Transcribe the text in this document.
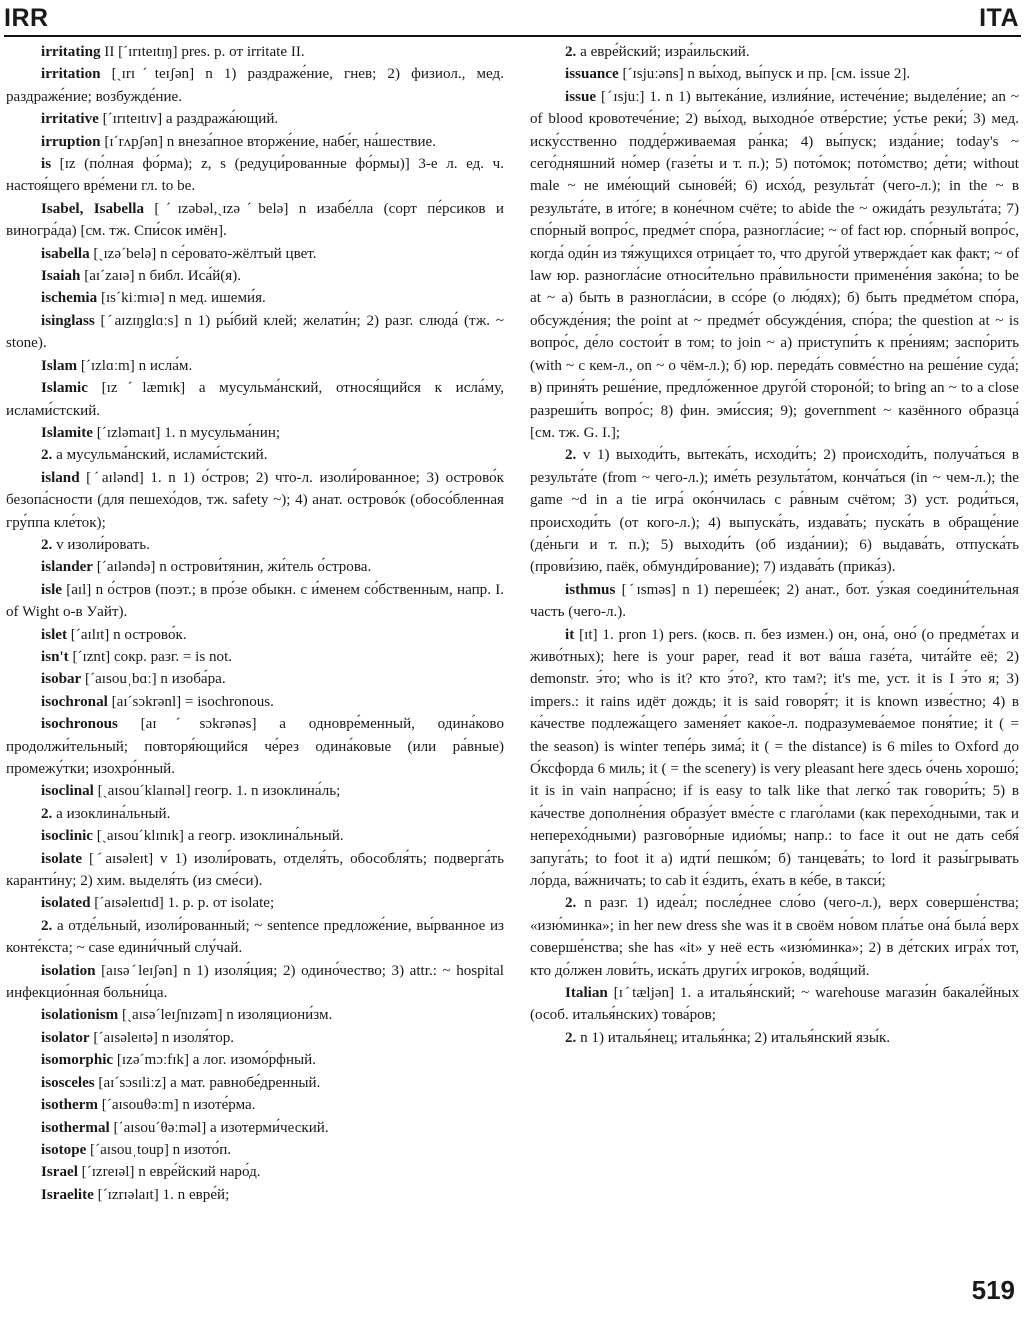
IRR	ITA

irritating II [ˊɪrɪteɪtɪŋ] pres. p. от irritate II.

irritation [ˏɪrɪˊteɪʃən] n 1) раздраже́ние, гнев; 2) физиол., мед. раздраже́ние; возбужде́ние.

irritative [ˊɪrɪteɪtɪv] a раздража́ющий.

irruption [ɪˊrʌpʃən] n внеза́пное вторже́ние, набе́г, на́шествие.

is [ɪz (по́лная фо́рма); z, s (редуци́рованные фо́рмы)] 3-е л. ед. ч. настоя́щего вре́мени гл. to be.

Isabel, Isabella [ˊɪzəbəl,ˏɪzəˊbelə] n изабе́лла (сорт пе́рсиков и виногра́да) [см. тж. Спи́сок имён].

isabella [ˏɪzəˊbelə] n се́ровато-жёлтый цвет.

Isaiah [aɪˊzaɪə] n библ. Иса́й(я).

ischemia [ɪsˊkiːmɪə] n мед. ишеми́я.

isinglass [ˊaɪzɪŋglɑːs] n 1) ры́бий клей; желати́н; 2) разг. слюда́ (тж. ~ stone).

Islam [ˊɪzlɑːm] n исла́м.

Islamic [ɪzˊlæmɪk] a мусульма́нский, относя́щийся к исла́му, ислами́стский.

Islamite [ˊɪzləmaɪt] 1. n мусульма́нин;

2. a мусульма́нский, ислами́стский.

island [ˊaɪlənd] 1. n 1) о́стров; 2) что-л. изоли́рованное; 3) острово́к безопа́сности (для пешехо́дов, тж. safety ~); 4) анат. острово́к (обосо́бленная гру́ппа кле́ток);

2. v изоли́ровать.

islander [ˊaɪləndə] n острови́тянин, жи́тель о́строва.

isle [aɪl] n о́стров (поэт.; в про́зе обыкн. с и́менем со́бственным, напр. I. of Wight о-в Уайт).

islet [ˊaɪlɪt] n острово́к.

isn't [ˊɪznt] сокр. разг. = is not.

isobar [ˊaɪsouˌbɑː] n изоба́ра.

isochronal [aɪˊsɔkrənl] = isochronous.

isochronous [aɪˊsɔkrənəs] a одновре́менный, одина́ково продолжи́тельный; повторя́ющийся че́рез одина́ковые (или ра́вные) промежу́тки; изохро́нный.

isoclinal [ˏaɪsouˊklaɪnəl] геогр. 1. n изоклина́ль;

2. a изоклина́льный.

isoclinic [ˏaɪsouˊklɪnɪk] a геогр. изоклина́льный.

isolate [ˊaɪsəleɪt] v 1) изоли́ровать, отделя́ть, обособля́ть; подверга́ть каранти́ну; 2) хим. выделя́ть (из сме́си).

isolated [ˊaɪsəleɪtɪd] 1. p. p. от isolate;

2. a отде́льный, изоли́рованный; ~ sentence предложе́ние, вы́рванное из конте́кста; ~ case едини́чный слу́чай.

isolation [aɪsəˊleɪʃən] n 1) изоля́ция; 2) одино́чество; 3) attr.: ~ hospital инфекцио́нная больни́ца.

isolationism [ˏaɪsəˊleɪʃnɪzəm] n изоляциони́зм.

isolator [ˊaɪsəleɪtə] n изоля́тор.

isomorphic [ɪzəˊmɔːfɪk] a лог. изомо́рфный.

isosceles [aɪˊsɔsɪliːz] a мат. равнобе́дренный.

isotherm [ˊaɪsouθəːm] n изоте́рма.

isothermal [ˊaɪsouˊθəːməl] a изотерми́ческий.

isotope [ˊaɪsouˌtoup] n изото́п.

Israel [ˊɪzreɪəl] n евре́йский наро́д.

Israelite [ˊɪzrɪəlaɪt] 1. n евре́й;

2. a евре́йский; изра́ильский.

issuance [ˊɪsjuːəns] n вы́ход, вы́пуск и пр. [см. issue 2].

issue [ˊɪsjuː] 1. n 1) вытека́ние, излия́ние, истече́ние; выделе́ние; an ~ of blood кровотече́ние; 2) вы́ход, выходно́е отве́рстие; у́стье реки́; 3) мед. иску́сственно подде́рживаемая ра́нка; 4) вы́пуск; изда́ние; today's ~ сего́дняшний но́мер (газе́ты и т. п.); 5) пото́мок; пото́мство; де́ти; without male ~ не име́ющий сынове́й; 6) исхо́д, результа́т (чего-л.); in the ~ в результа́те, в ито́ге; в коне́чном счёте; to abide the ~ ожида́ть результа́та; 7) спо́рный вопро́с, предме́т спо́ра, разногла́сие; ~ of fact юр. спо́рный вопро́с, когда́ оди́н из тя́жущихся отрица́ет то, что друго́й утвержда́ет как факт; ~ of law юр. разногла́сие относи́тельно пра́вильности примене́ния зако́на; to be at ~ а) быть в разногла́сии, в ссо́ре (о лю́дях); б) быть предме́том спо́ра, обсужде́ния; the point at ~ предме́т обсужде́ния, спо́ра; the question at ~ is вопро́с, де́ло состои́т в том; to join ~ а) приступи́ть к пре́ниям; заспо́рить (with ~ с кем-л., on ~ о чём-л.); б) юр. переда́ть совме́стно на реше́ние суда́; в) приня́ть реше́ние, предло́женное друго́й стороно́й; to bring an ~ to a close разреши́ть вопро́с; 8) фин. эми́ссия; 9); government ~ казённого образца́ [см. тж. G. I.];

2. v 1) выходи́ть, вытека́ть, исходи́ть; 2) происходи́ть, получа́ться в результа́те (from ~ чего-л.); име́ть результа́том, конча́ться (in ~ чем-л.); the game ~d in a tie игра́ око́нчилась с ра́вным счётом; 3) уст. роди́ться, происходи́ть (от кого-л.); 4) выпуска́ть, издава́ть; пуска́ть в обраще́ние (де́ньги и т. п.); 5) выходи́ть (об изда́нии); 6) выдава́ть, отпуска́ть (прови́зию, паёк, обмунди́рование); 7) издава́ть (прика́з).

isthmus [ˊɪsməs] n 1) переше́ек; 2) анат., бот. у́зкая соедини́тельная часть (чего-л.).

it [ɪt] 1. pron 1) pers. (косв. п. без измен.) он, она́, оно́ (о предме́тах и живо́тных); here is your paper, read it вот ва́ша газе́та, чита́йте её; 2) demonstr. э́то; who is it? кто э́то?, кто там?; it's me, уст. it is I э́то я; 3) impers.: it rains идёт дождь; it is said говоря́т; it is known изве́стно; 4) в ка́честве подлежа́щего заменя́ет како́е-л. подразумева́емое поня́тие; it ( = the season) is winter тепе́рь зима́; it ( = the distance) is 6 miles to Oxford до О́ксфорда 6 миль; it ( = the scenery) is very pleasant here здесь о́чень хорошо́; it is in vain напра́сно; if is easy to talk like that легко́ так говори́ть; 5) в ка́честве дополне́ния образу́ет вме́сте с глаго́лами (как перехо́дными, так и неперехо́дными) разгово́рные идио́мы; напр.: to face it out не дать себя́ запуга́ть; to foot it а) идти́ пешко́м; б) танцева́ть; to lord it разы́грывать ло́рда, ва́жничать; to cab it е́здить, е́хать в ке́бе, в такси́;

2. n разг. 1) идеа́л; после́днее сло́во (чего-л.), верх соверше́нства; «изю́минка»; in her new dress she was it в своём но́вом пла́тье она́ была́ верх соверше́нства; she has «it» у неё есть «изю́минка»; 2) в де́тских игра́х тот, кто до́лжен лови́ть, иска́ть други́х игроко́в, водя́щий.

Italian [ɪˊtæljən] 1. a италья́нский; ~ warehouse магази́н бакале́йных (особ. италья́нских) това́ров;

2. n 1) италья́нец; италья́нка; 2) италья́нский язы́к.

519
